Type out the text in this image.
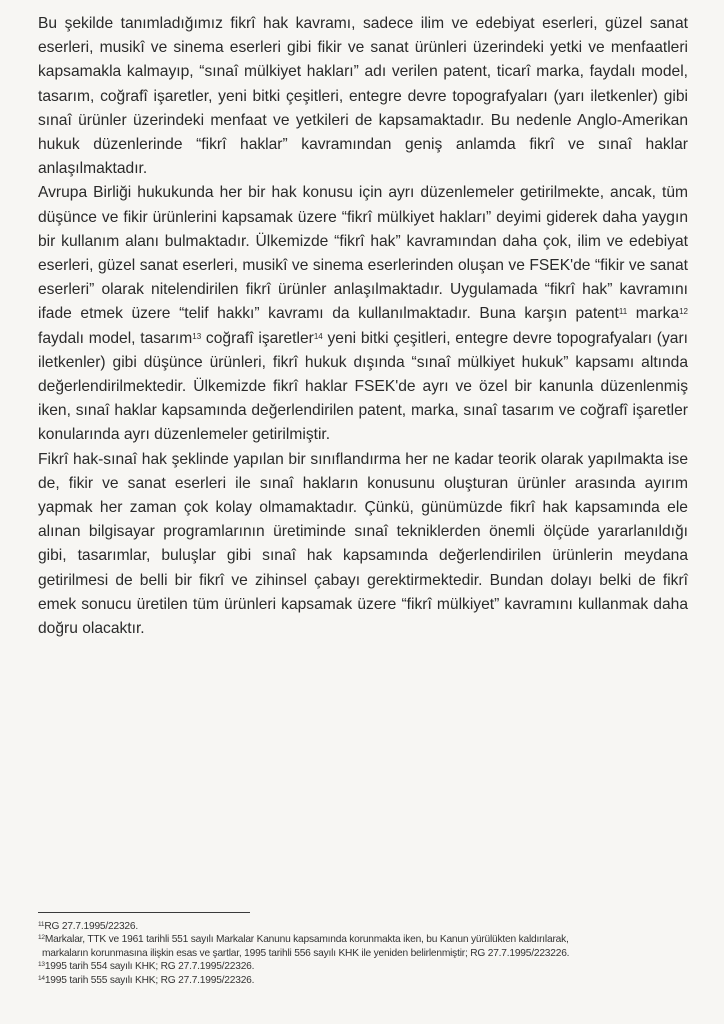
Bu şekilde tanımladığımız fikrî hak kavramı, sadece ilim ve edebiyat eserleri, güzel sanat eserleri, musikî ve sinema eserleri gibi fikir ve sanat ürünleri üzerindeki yetki ve menfaatleri kapsamakla kalmayıp, “sınaî mülkiyet hakları” adı verilen patent, ticarî marka, faydalı model, tasarım, coğrafî işaretler, yeni bitki çeşitleri, entegre devre topografyaları (yarı iletkenler) gibi sınaî ürünler üzerindeki menfaat ve yetkileri de kapsamaktadır. Bu nedenle Anglo-Amerikan hukuk düzenlerinde “fikrî haklar” kavramından geniş anlamda fikrî ve sınaî haklar anlaşılmaktadır.

Avrupa Birliği hukukunda her bir hak konusu için ayrı düzenlemeler getirilmekte, ancak, tüm düşünce ve fikir ürünlerini kapsamak üzere “fikrî mülkiyet hakları” deyimi giderek daha yaygın bir kullanım alanı bulmaktadır. Ülkemizde “fikrî hak” kavramından daha çok, ilim ve edebiyat eserleri, güzel sanat eserleri, musikî ve sinema eserlerinden oluşan ve FSEK'de “fikir ve sanat eserleri” olarak nitelendirilen fikrî ürünler anlaşılmaktadır. Uygulamada “fikrî hak” kavramını ifade etmek üzere “telif hakkı” kavramı da kullanılmaktadır. Buna karşın patent$^{11}$ marka$^{12}$ faydalı model, tasarım$^{13}$ coğrafî işaretler$^{14}$ yeni bitki çeşitleri, entegre devre topografyaları (yarı iletkenler) gibi düşünce ürünleri, fikrî hukuk dışında “sınaî mülkiyet hukuk” kapsamı altında değerlendirilmektedir. Ülkemizde fikrî haklar FSEK'de ayrı ve özel bir kanunla düzenlenmiş iken, sınaî haklar kapsamında değerlendirilen patent, marka, sınaî tasarım ve coğrafî işaretler konularında ayrı düzenlemeler getirilmiştir.

Fikrî hak-sınaî hak şeklinde yapılan bir sınıflandırma her ne kadar teorik olarak yapılmakta ise de, fikir ve sanat eserleri ile sınaî hakların konusunu oluşturan ürünler arasında ayırım yapmak her zaman çok kolay olmamaktadır. Çünkü, günümüzde fikrî hak kapsamında ele alınan bilgisayar programlarının üretiminde sınaî tekniklerden önemli ölçüde yararlanıldığı gibi, tasarımlar, buluşlar gibi sınaî hak kapsamında değerlendirilen ürünlerin meydana getirilmesi de belli bir fikrî ve zihinsel çabayı gerektirmektedir. Bundan dolayı belki de fikrî emek sonucu üretilen tüm ürünleri kapsamak üzere “fikrî mülkiyet” kavramını kullanmak daha doğru olacaktır.

$^{11}$RG 27.7.1995/22326.

$^{12}$Markalar, TTK ve 1961 tarihli 551 sayılı Markalar Kanunu kapsamında korunmakta iken, bu Kanun yürülükten kaldırılarak,

markaların korunmasına ilişkin esas ve şartlar, 1995 tarihli 556 sayılı KHK ile yeniden belirlenmiştir; RG 27.7.1995/223226.

$^{13}$1995 tarih 554 sayılı KHK; RG 27.7.1995/22326.

$^{14}$1995 tarih 555 sayılı KHK; RG 27.7.1995/22326.
